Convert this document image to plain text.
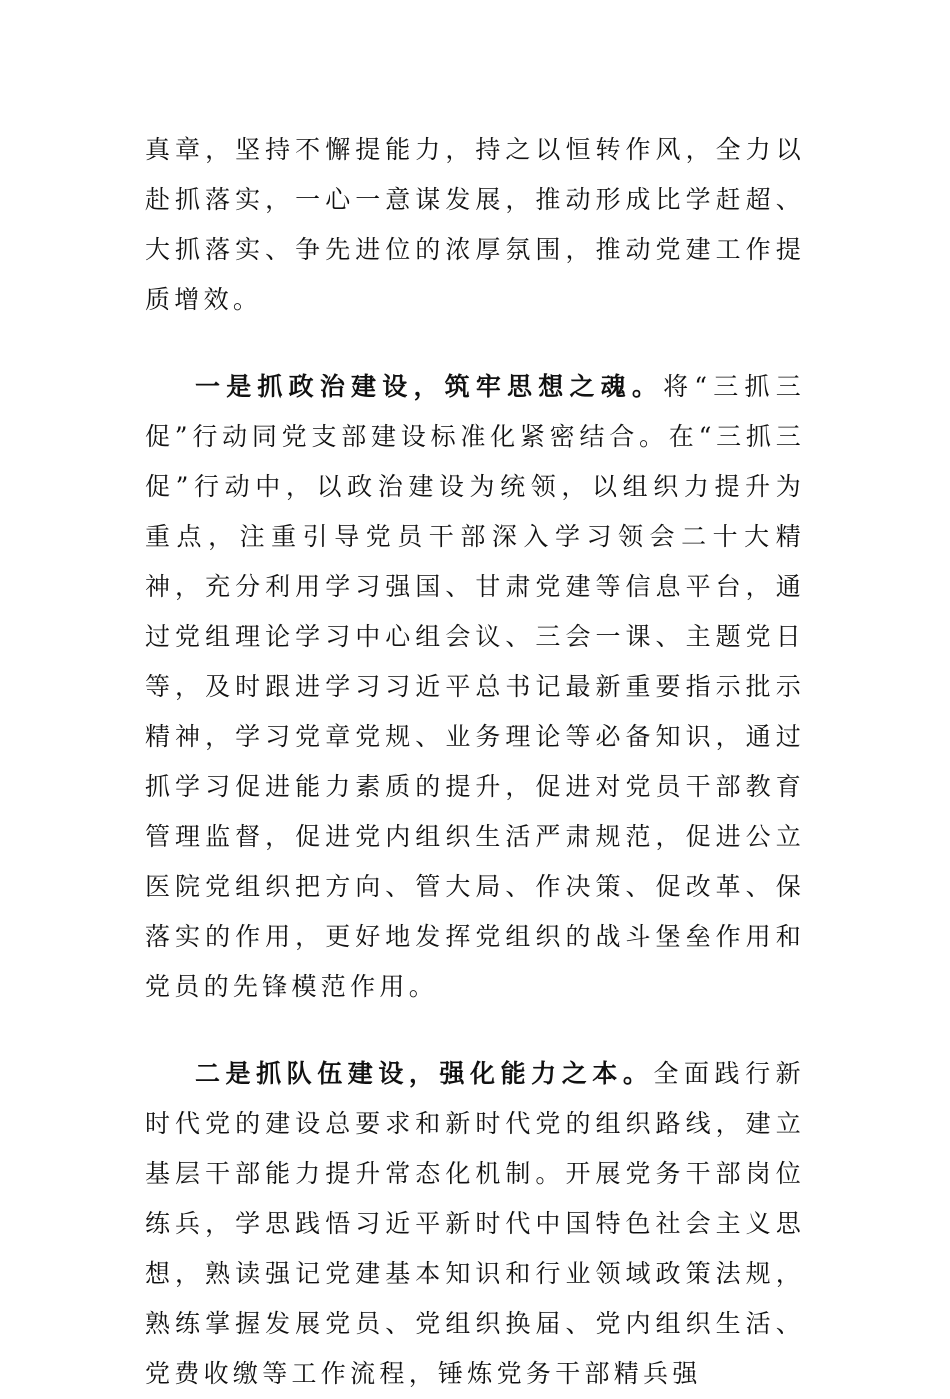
真章，坚持不懈提能力，持之以恒转作风，全力以赴抓落实，一心一意谋发展，推动形成比学赶超、大抓落实、争先进位的浓厚氛围，推动党建工作提质增效。

一是抓政治建设，筑牢思想之魂。将“三抓三促”行动同党支部建设标准化紧密结合。在“三抓三促”行动中，以政治建设为统领，以组织力提升为重点，注重引导党员干部深入学习领会二十大精神，充分利用学习强国、甘肃党建等信息平台，通过党组理论学习中心组会议、三会一课、主题党日等，及时跟进学习习近平总书记最新重要指示批示精神，学习党章党规、业务理论等必备知识，通过抓学习促进能力素质的提升，促进对党员干部教育管理监督，促进党内组织生活严肃规范，促进公立医院党组织把方向、管大局、作决策、促改革、保落实的作用，更好地发挥党组织的战斗堡垒作用和党员的先锋模范作用。

二是抓队伍建设，强化能力之本。全面践行新时代党的建设总要求和新时代党的组织路线，建立基层干部能力提升常态化机制。开展党务干部岗位练兵，学思践悟习近平新时代中国特色社会主义思想，熟读强记党建基本知识和行业领域政策法规，熟练掌握发展党员、党组织换届、党内组织生活、党费收缴等工作流程，锤炼党务干部精兵强
